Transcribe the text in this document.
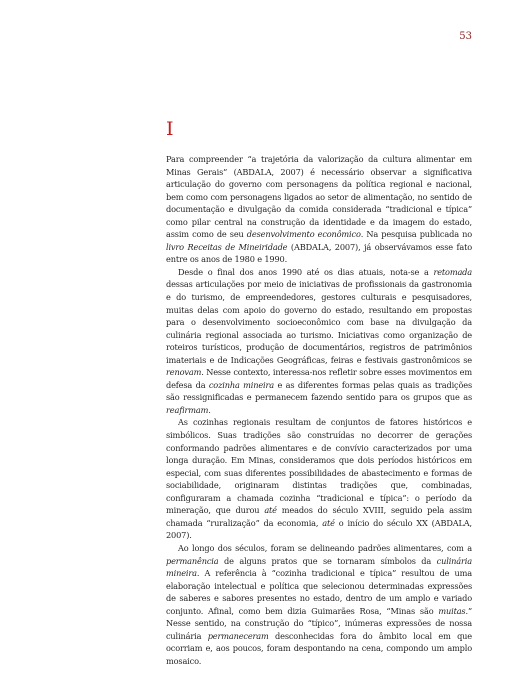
53
I

Para compreender “a trajetória da valorização da cultura alimentar em Minas Gerais” (ABDALA, 2007) é necessário observar a significativa articulação do governo com personagens da política regional e nacional, bem como com personagens ligados ao setor de alimentação, no sentido de documentação e divulgação da comida considerada “tradicional e típica” como pilar central na construção da identidade e da imagem do estado, assim como de seu desenvolvimento econômico. Na pesquisa publicada no livro Receitas de Mineiridade (ABDALA, 2007), já observávamos esse fato entre os anos de 1980 e 1990.

Desde o final dos anos 1990 até os dias atuais, nota-se a retomada dessas articulações por meio de iniciativas de profissionais da gastronomia e do turismo, de empreendedores, gestores culturais e pesquisadores, muitas delas com apoio do governo do estado, resultando em propostas para o desenvolvimento socioeconômico com base na divulgação da culinária regional associada ao turismo. Iniciativas como organização de roteiros turísticos, produção de documentários, registros de patrimônios imateriais e de Indicações Geográficas, feiras e festivais gastronômicos se renovam. Nesse contexto, interessa-nos refletir sobre esses movimentos em defesa da cozinha mineira e as diferentes formas pelas quais as tradições são ressignificadas e permanecem fazendo sentido para os grupos que as reafirmam.

As cozinhas regionais resultam de conjuntos de fatores históricos e simbólicos. Suas tradições são construídas no decorrer de gerações conformando padrões alimentares e de convívio caracterizados por uma longa duração. Em Minas, consideramos que dois períodos históricos em especial, com suas diferentes possibilidades de abastecimento e formas de sociabilidade, originaram distintas tradições que, combinadas, configuraram a chamada cozinha “tradicional e típica”: o período da mineração, que durou até meados do século XVIII, seguido pela assim chamada “ruralização” da economia, até o início do século XX (ABDALA, 2007).

Ao longo dos séculos, foram se delineando padrões alimentares, com a permanência de alguns pratos que se tornaram símbolos da culinária mineira. A referência à “cozinha tradicional e típica” resultou de uma elaboração intelectual e política que selecionou determinadas expressões de saberes e sabores presentes no estado, dentro de um amplo e variado conjunto. Afinal, como bem dizia Guimarães Rosa, “Minas são muitas.” Nesse sentido, na construção do “típico”, inúmeras expressões de nossa culinária permaneceram desconhecidas fora do âmbito local em que ocorriam e, aos poucos, foram despontando na cena, compondo um amplo mosaico.
